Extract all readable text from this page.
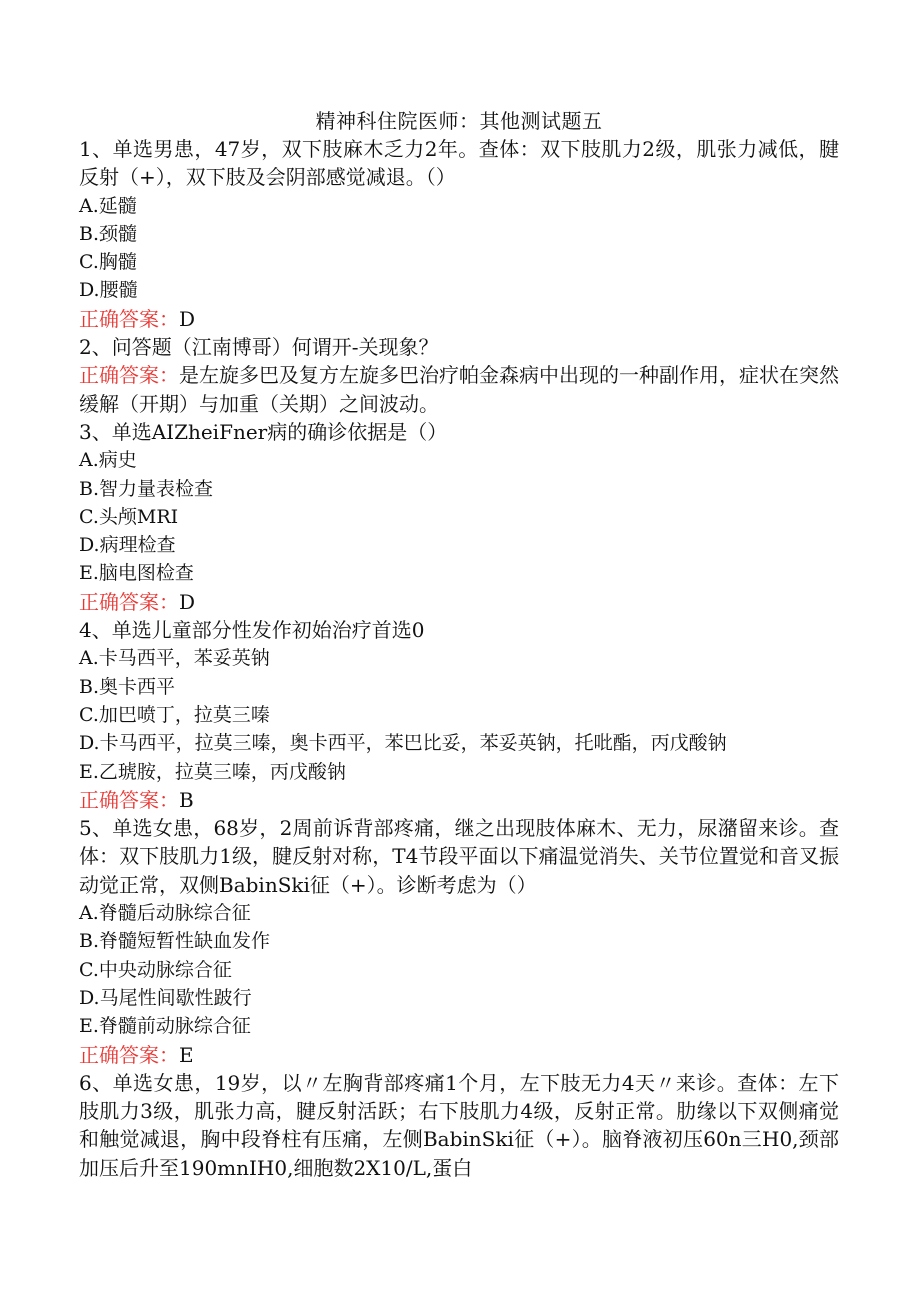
精神科住院医师：其他测试题五

1、单选男患，47岁，双下肢麻木乏力2年。查体：双下肢肌力2级，肌张力减低，腱反射（+），双下肢及会阴部感觉减退。（）

A.延髓

B.颈髓

C.胸髓

D.腰髓

正确答案：D

2、问答题（江南博哥）何谓开-关现象？

正确答案：是左旋多巴及复方左旋多巴治疗帕金森病中出现的一种副作用，症状在突然缓解（开期）与加重（关期）之间波动。

3、单选AIZheiFner病的确诊依据是（）

A.病史

B.智力量表检查

C.头颅MRI

D.病理检查

E.脑电图检查

正确答案：D

4、单选儿童部分性发作初始治疗首选0

A.卡马西平，苯妥英钠

B.奥卡西平

C.加巴喷丁，拉莫三嗪

D.卡马西平，拉莫三嗪，奥卡西平，苯巴比妥，苯妥英钠，托吡酯，丙戊酸钠

E.乙琥胺，拉莫三嗪，丙戊酸钠

正确答案：B

5、单选女患，68岁，2周前诉背部疼痛，继之出现肢体麻木、无力，尿潴留来诊。查体：双下肢肌力1级，腱反射对称，T4节段平面以下痛温觉消失、关节位置觉和音叉振动觉正常，双侧BabinSki征（+）。诊断考虑为（）

A.脊髓后动脉综合征

B.脊髓短暂性缺血发作

C.中央动脉综合征

D.马尾性间歇性跛行

E.脊髓前动脉综合征

正确答案：E

6、单选女患，19岁，以〃左胸背部疼痛1个月，左下肢无力4天〃来诊。查体：左下肢肌力3级，肌张力高，腱反射活跃；右下肢肌力4级，反射正常。肋缘以下双侧痛觉和触觉减退，胸中段脊柱有压痛，左侧BabinSki征（+）。脑脊液初压60n三H0,颈部加压后升至190mnIH0,细胞数2X10/L,蛋白
